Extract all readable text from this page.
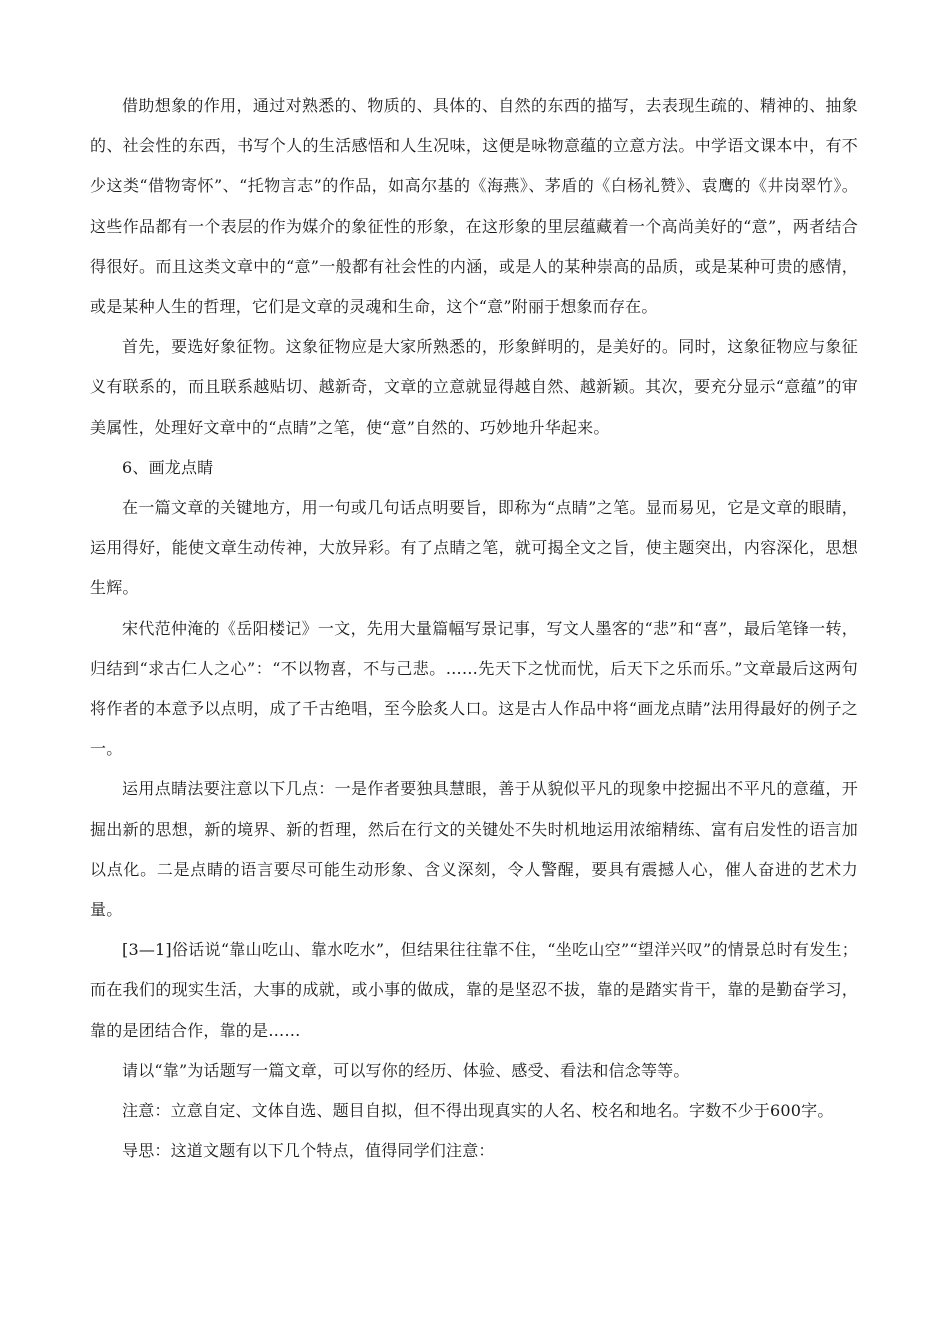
借助想象的作用，通过对熟悉的、物质的、具体的、自然的东西的描写，去表现生疏的、精神的、抽象的、社会性的东西，书写个人的生活感悟和人生况味，这便是咏物意蕴的立意方法。中学语文课本中，有不少这类“借物寄怀”、“托物言志”的作品，如高尔基的《海燕》、茅盾的《白杨礼赞》、袁鹰的《井岗翠竹》。这些作品都有一个表层的作为媒介的象征性的形象，在这形象的里层蕴藏着一个高尚美好的“意”，两者结合得很好。而且这类文章中的“意”一般都有社会性的内涵，或是人的某种崇高的品质，或是某种可贵的感情，或是某种人生的哲理，它们是文章的灵魂和生命，这个“意”附丽于想象而存在。

首先，要选好象征物。这象征物应是大家所熟悉的，形象鲜明的，是美好的。同时，这象征物应与象征义有联系的，而且联系越贴切、越新奇，文章的立意就显得越自然、越新颖。其次，要充分显示“意蕴”的审美属性，处理好文章中的“点睛”之笔，使“意”自然的、巧妙地升华起来。

6、画龙点睛

在一篇文章的关键地方，用一句或几句话点明要旨，即称为“点睛”之笔。显而易见，它是文章的眼睛，运用得好，能使文章生动传神，大放异彩。有了点睛之笔，就可揭全文之旨，使主题突出，内容深化，思想生辉。

宋代范仲淹的《岳阳楼记》一文，先用大量篇幅写景记事，写文人墨客的“悲”和“喜”，最后笔锋一转，归结到“求古仁人之心”：“不以物喜，不与己悲。……先天下之忧而忧，后天下之乐而乐。”文章最后这两句将作者的本意予以点明，成了千古绝唱，至今脍炙人口。这是古人作品中将“画龙点睛”法用得最好的例子之一。

运用点睛法要注意以下几点：一是作者要独具慧眼，善于从貌似平凡的现象中挖掘出不平凡的意蕴，开掘出新的思想，新的境界、新的哲理，然后在行文的关键处不失时机地运用浓缩精练、富有启发性的语言加以点化。二是点睛的语言要尽可能生动形象、含义深刻，令人警醒，要具有震撼人心，催人奋进的艺术力量。

[3—1]俗话说“靠山吃山、靠水吃水”，但结果往往靠不住，“坐吃山空”“望洋兴叹”的情景总时有发生；而在我们的现实生活，大事的成就，或小事的做成，靠的是坚忍不拔，靠的是踏实肯干，靠的是勤奋学习，靠的是团结合作，靠的是……

请以“靠”为话题写一篇文章，可以写你的经历、体验、感受、看法和信念等等。

注意：立意自定、文体自选、题目自拟，但不得出现真实的人名、校名和地名。字数不少于600字。

导思：这道文题有以下几个特点，值得同学们注意：
